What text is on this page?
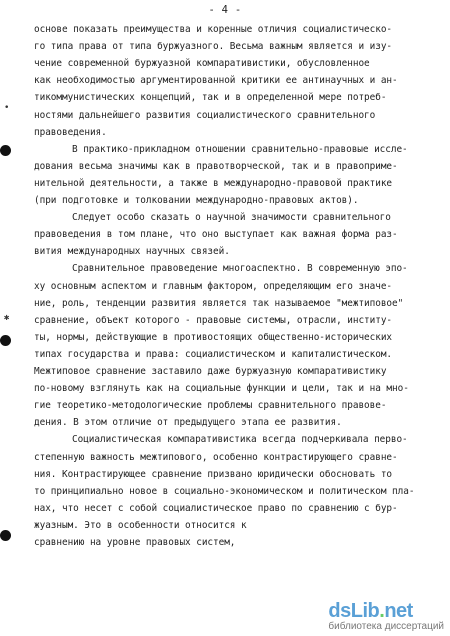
- 4 -
основе показать преимущества и коренные отличия социалистическо-
го типа права от типа буржуазного. Весьма важным является и изу-
чение современной буржуазной компаративистики, обусловленное
как необходимостью аргументированной критики ее антинаучных и ан-
тикоммунистических концепций, так и в определенной мере потреб-
ностями дальнейшего развития социалистического сравнительного
правоведения.
В практико-прикладном отношении сравнительно-правовые иссле-
дования весьма значимы как в правотворческой, так и в правоприме-
нительной деятельности, а также в международно-правовой практике
(при подготовке и толковании международно-правовых актов).
Следует особо сказать о научной значимости сравнительного
правоведения в том плане, что оно выступает как важная форма раз-
вития международных научных связей.
Сравнительное правоведение многоаспектно. В современную эпо-
ху основным аспектом и главным фактором, определяющим его значе-
ние, роль, тенденции развития является так называемое "межтиповое"
сравнение, объект которого - правовые системы, отрасли, институ-
ты, нормы, действующие в противостоящих общественно-исторических
типах государства и права: социалистическом и капиталистическом.
Межтиповое сравнение заставило даже буржуазную компаративистику
по-новому взглянуть как на социальные функции и цели, так и на мно-
гие теоретико-методологические проблемы сравнительного правове-
дения. В этом отличие от предыдущего этапа ее развития.
Социалистическая компаративистика всегда подчеркивала перво-
степенную важность межтипового, особенно контрастирующего сравне-
ния. Контрастирующее сравнение призвано юридически обосновать то
то принципиально новое в социально-экономическом и политическом пла-
нах, что несет с собой социалистическое право по сравнению с бур-
жуазным. Это в особенности относится к
сравнению на уровне правовых систем,
•
✱
dsLib.net
библиотека диссертаций
